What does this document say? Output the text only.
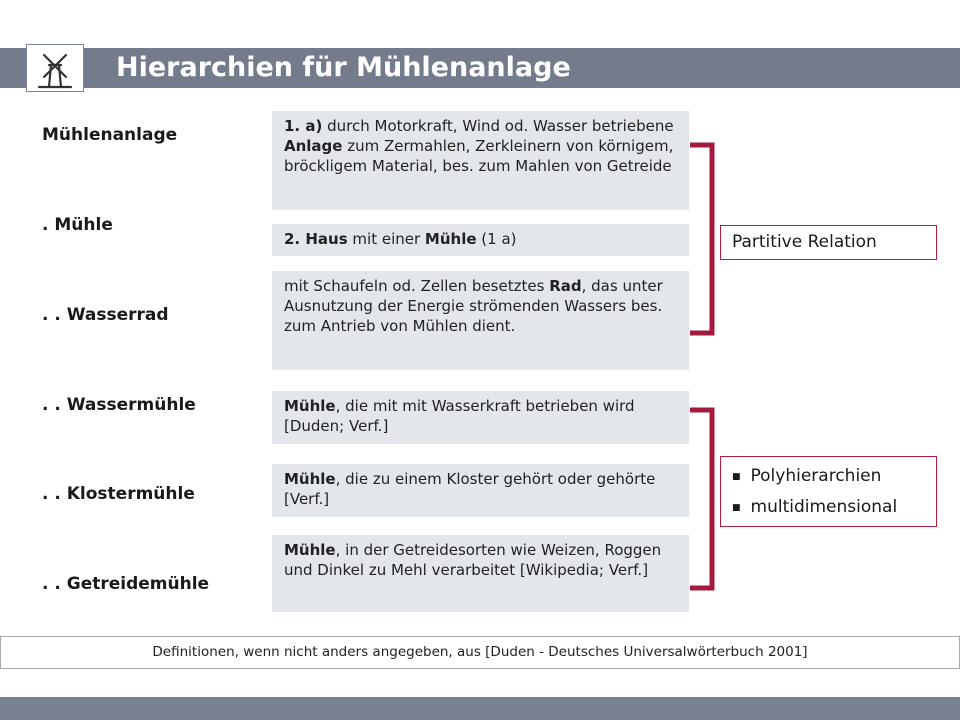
Hierarchien für Mühlenanlage
Mühlenanlage
. Mühle
. . Wasserrad
. . Wassermühle
. . Klostermühle
. . Getreidemühle
1. a) durch Motorkraft, Wind od. Wasser betriebene Anlage zum Zermahlen, Zerkleinern von körnigem, bröckligem Material, bes. zum Mahlen von Getreide
2. Haus mit einer Mühle (1 a)
mit Schaufeln od. Zellen besetztes Rad, das unter Ausnutzung der Energie strömenden Wassers bes. zum Antrieb von Mühlen dient.
Mühle, die mit mit Wasserkraft betrieben wird [Duden; Verf.]
Mühle, die zu einem Kloster gehört oder gehörte [Verf.]
Mühle, in der Getreidesorten wie Weizen, Roggen und Dinkel zu Mehl verarbeitet [Wikipedia; Verf.]
Partitive Relation
■ Polyhierarchien
■ multidimensional
Definitionen, wenn nicht anders angegeben, aus [Duden - Deutsches Universalwörterbuch 2001]
